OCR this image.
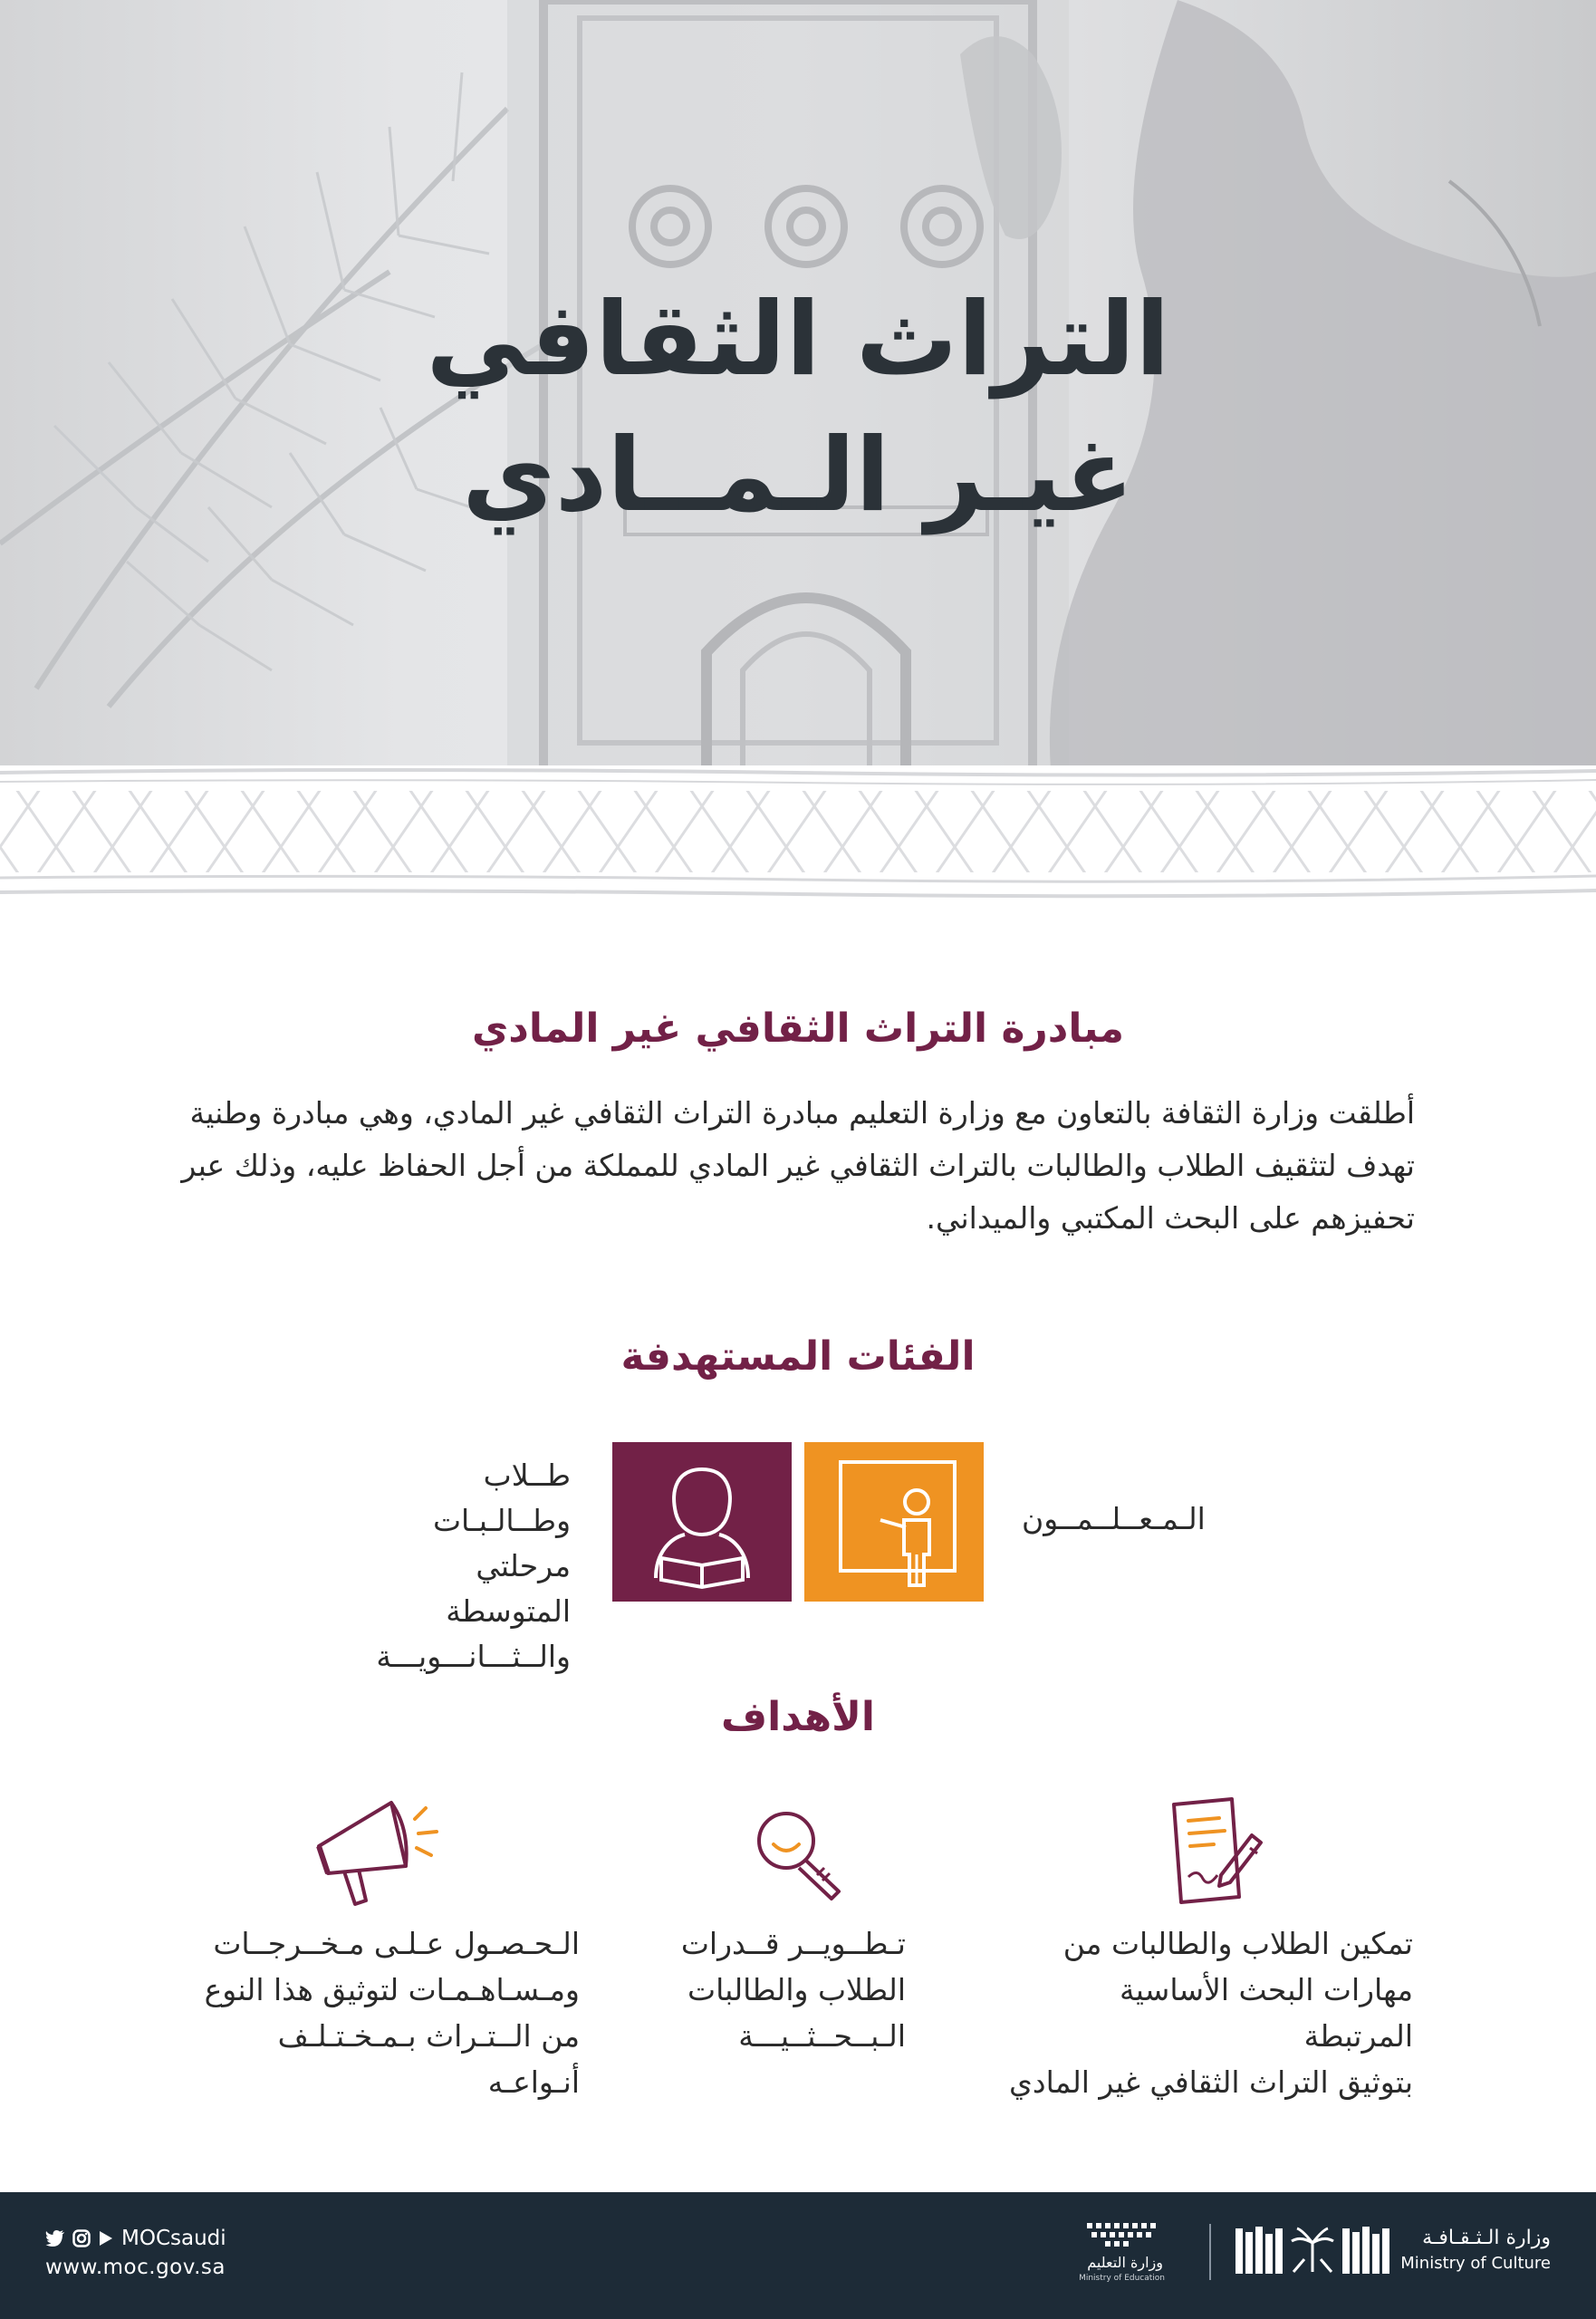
التراث الثقافي
غيـر الـمــادي
مبادرة التراث الثقافي غير المادي
أطلقت وزارة الثقافة بالتعاون مع وزارة التعليم مبادرة التراث الثقافي غير المادي، وهي مبادرة وطنية
تهدف لتثقيف الطلاب والطالبات بالتراث الثقافي غير المادي للمملكة من أجل الحفاظ عليه، وذلك عبر
تحفيزهم على البحث المكتبي والميداني.
الفئات المستهدفة
الـمـعــلــمــون
طــلاب وطــالـبـات
مرحلتي المتوسطة
والــثـــانـــويـــة
الأهداف
تمكين الطلاب والطالبات من
مهارات البحث الأساسية المرتبطة
بتوثيق التراث الثقافي غير المادي
تـطــويــر قــدرات
الطلاب والطالبات
الـبــحــثــيـــة
الـحـصـول عـلـى مـخــرجــات
ومـسـاهـمـات لتوثيق هذا النوع
من الــتـراث بـمـخـتـلـف أنـواعـه
MOCsaudi
www.moc.gov.sa	وزارة التعليم
Ministry of Education
وزارة الـثـقـافـة
Ministry of Culture
